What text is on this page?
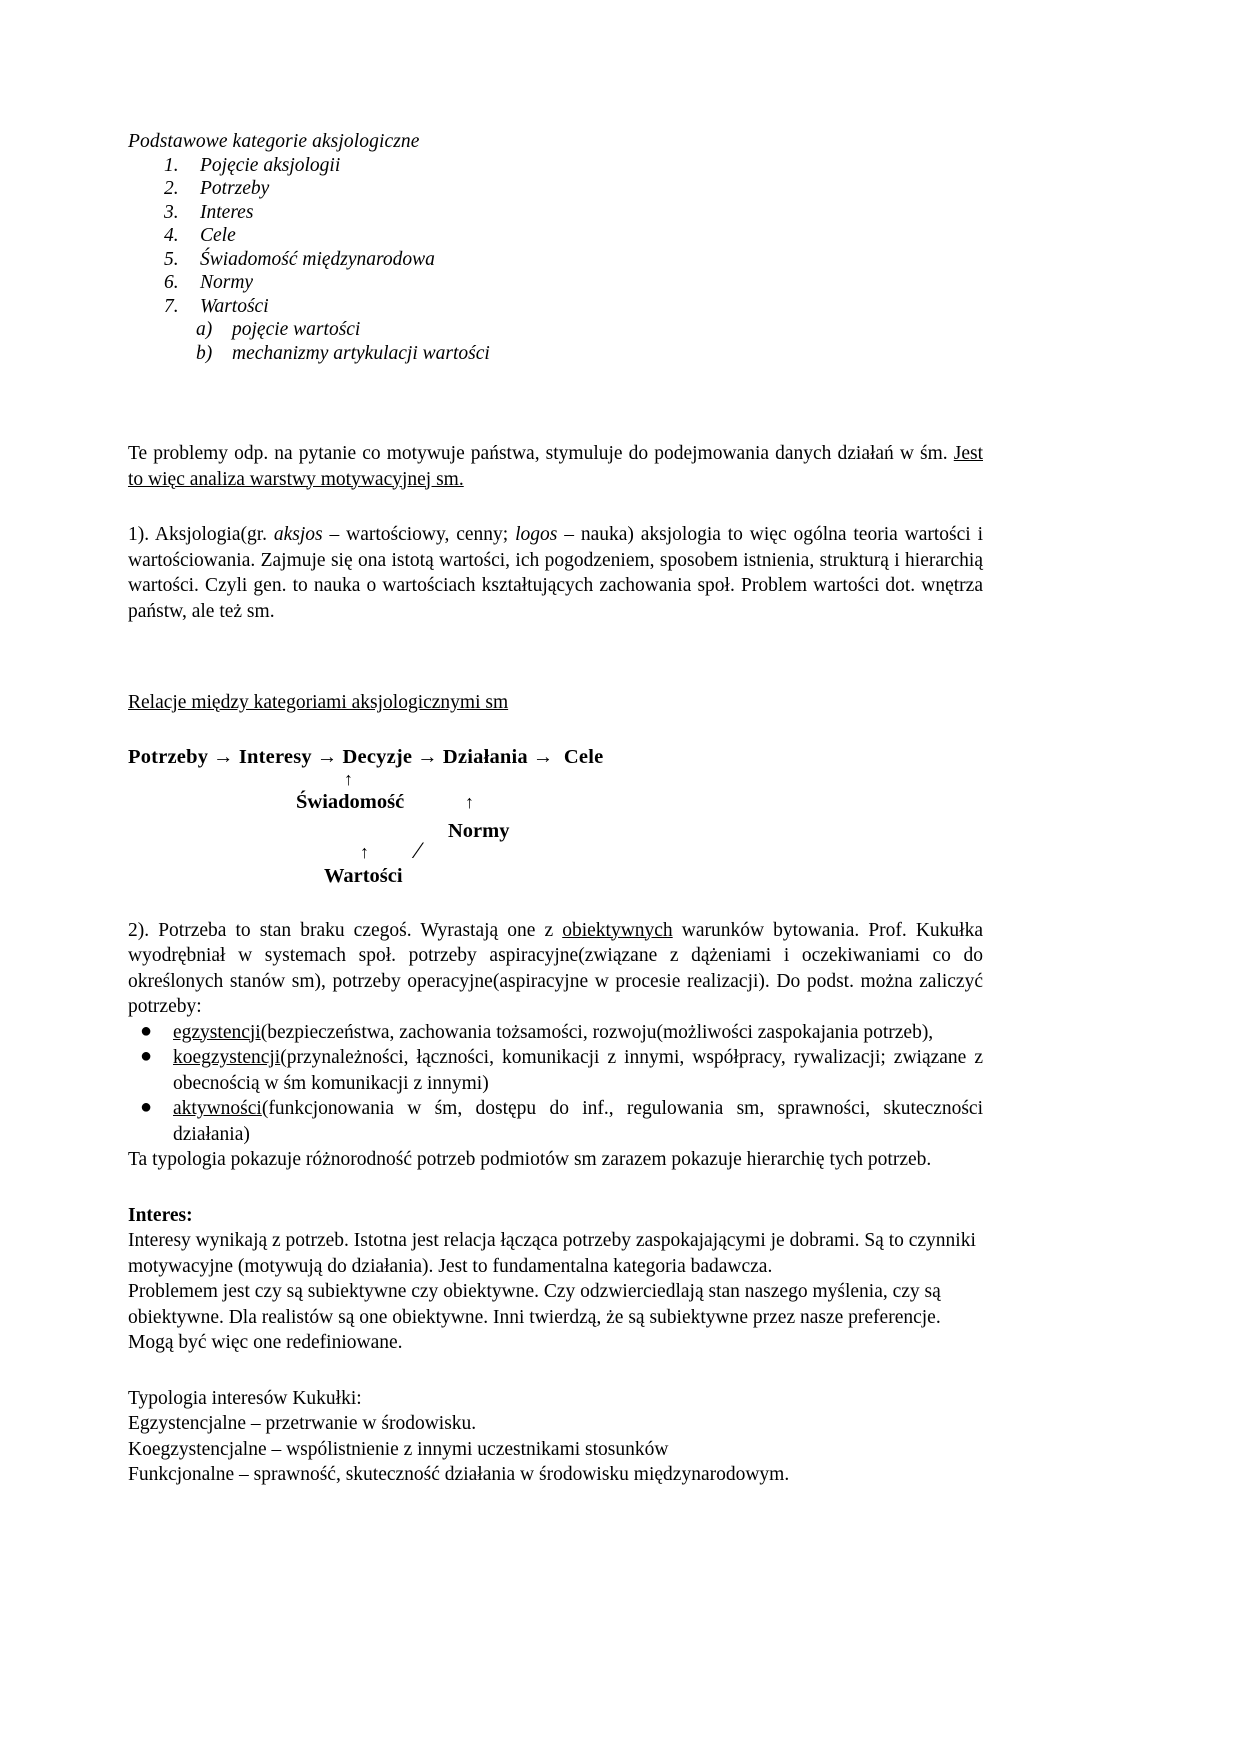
Podstawowe kategorie aksjologiczne
1.	Pojęcie aksjologii
2.	Potrzeby
3.	Interes
4.	Cele
5.	Świadomość międzynarodowa
6.	Normy
7.	Wartości
a)	pojęcie wartości
b)	mechanizmy artykulacji wartości

Te problemy odp. na pytanie co motywuje państwa, stymuluje do podejmowania danych działań w śm. Jest to więc analiza warstwy motywacyjnej sm.

1). Aksjologia(gr. aksjos – wartościowy, cenny; logos – nauka) aksjologia to więc ogólna teoria wartości i wartościowania. Zajmuje się ona istotą wartości, ich pogodzeniem, sposobem istnienia, strukturą i hierarchią wartości. Czyli gen. to nauka o wartościach kształtujących zachowania społ. Problem wartości dot. wnętrza państw, ale też sm.

Relacje między kategoriami aksjologicznymi sm
Potrzeby → Interesy → Decyzje → Działania → Cele
↑
Świadomość	↑
Normy
↑ ⁄
Wartości

2). Potrzeba to stan braku czegoś. Wyrastają one z obiektywnych warunków bytowania. Prof. Kukułka wyodrębniał w systemach społ. potrzeby aspiracyjne(związane z dążeniami i oczekiwaniami co do określonych stanów sm), potrzeby operacyjne(aspiracyjne w procesie realizacji). Do podst. można zaliczyć potrzeby:

● egzystencji(bezpieczeństwa, zachowania tożsamości, rozwoju(możliwości zaspokajania potrzeb),
● koegzystencji(przynależności, łączności, komunikacji z innymi, współpracy, rywalizacji; związane z obecnością w śm komunikacji z innymi)
● aktywności(funkcjonowania w śm, dostępu do inf., regulowania sm, sprawności, skuteczności działania)

Ta typologia pokazuje różnorodność potrzeb podmiotów sm zarazem pokazuje hierarchię tych potrzeb.

Interes:

Interesy wynikają z potrzeb. Istotna jest relacja łącząca potrzeby zaspokajającymi je dobrami. Są to czynniki motywacyjne (motywują do działania). Jest to fundamentalna kategoria badawcza.

Problemem jest czy są subiektywne czy obiektywne. Czy odzwierciedlają stan naszego myślenia, czy są obiektywne. Dla realistów są one obiektywne. Inni twierdzą, że są subiektywne przez nasze preferencje. Mogą być więc one redefiniowane.

Typologia interesów Kukułki:
Egzystencjalne – przetrwanie w środowisku.
Koegzystencjalne – wspólistnienie z innymi uczestnikami stosunków
Funkcjonalne – sprawność, skuteczność działania w środowisku międzynarodowym.
